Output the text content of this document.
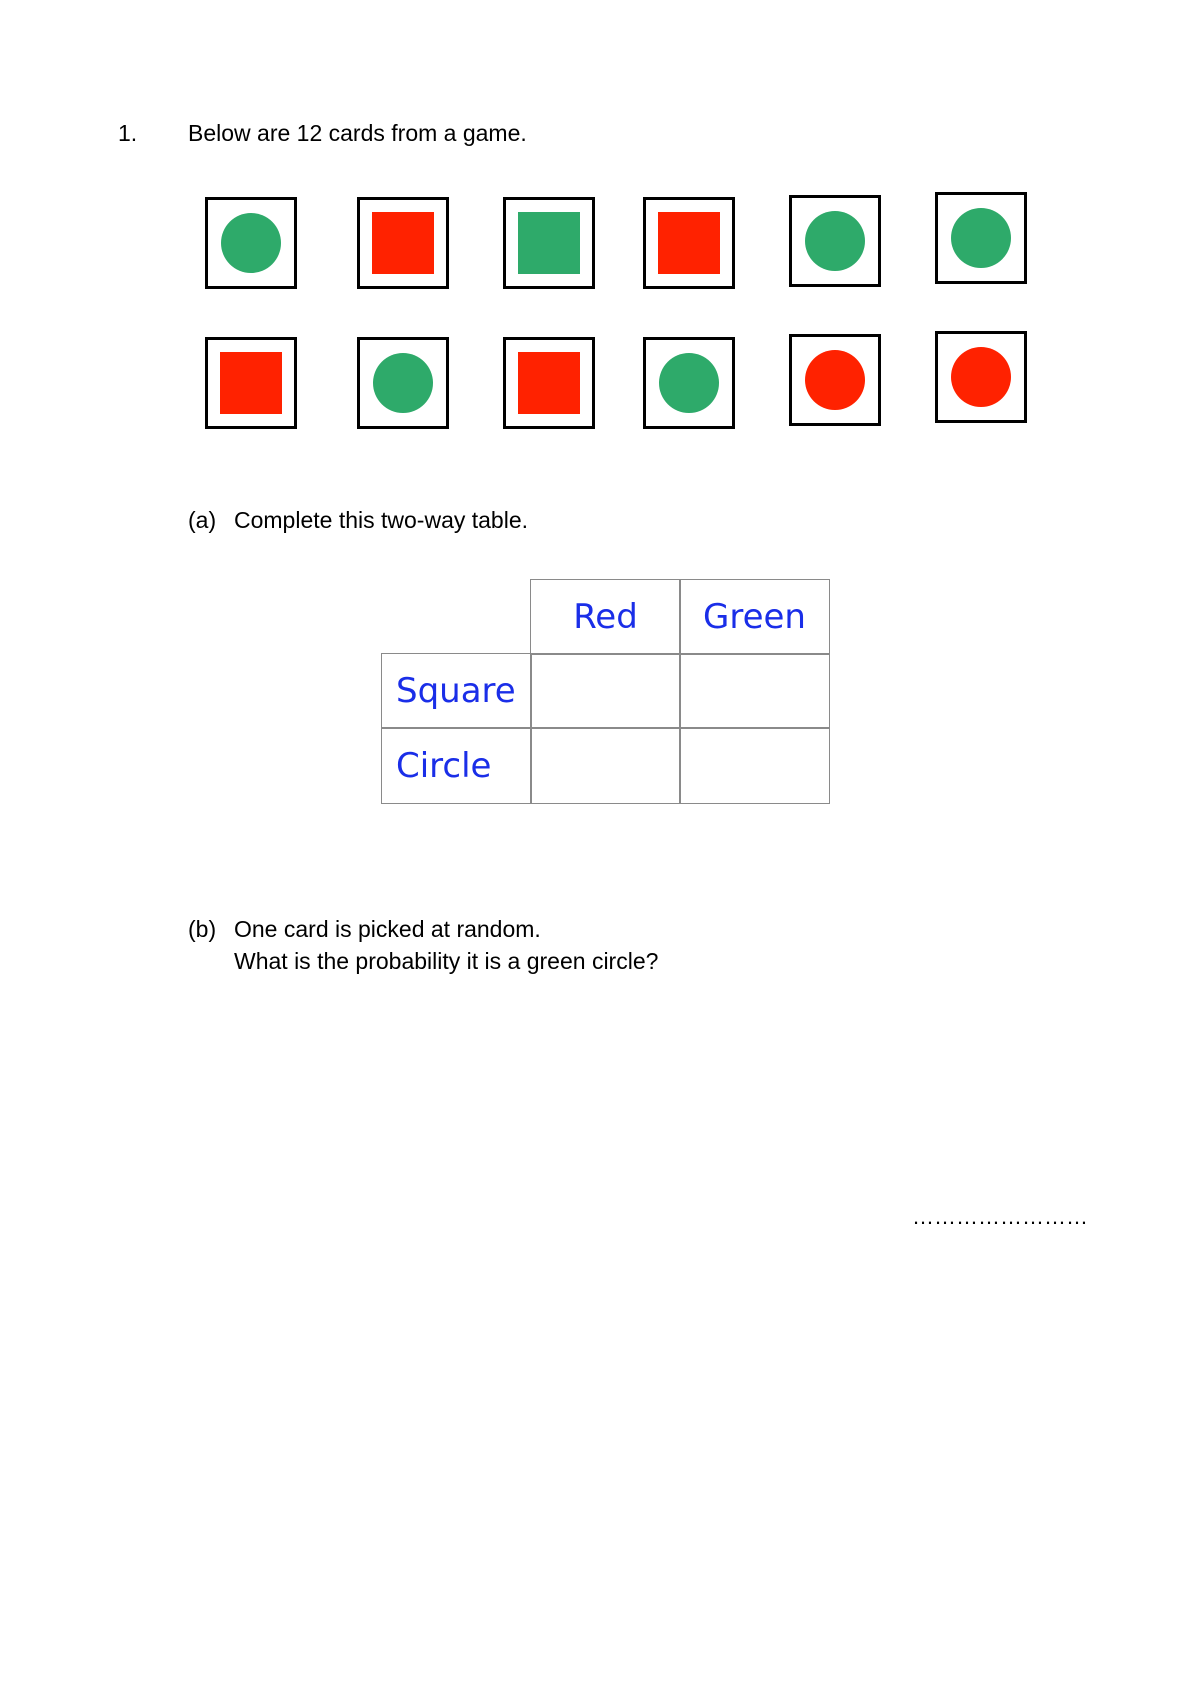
1. Below are 12 cards from a game.
(a) Complete this two-way table.
Red	Green
Square
Circle
(b) One card is picked at random.
What is the probability it is a green circle?
……………………
